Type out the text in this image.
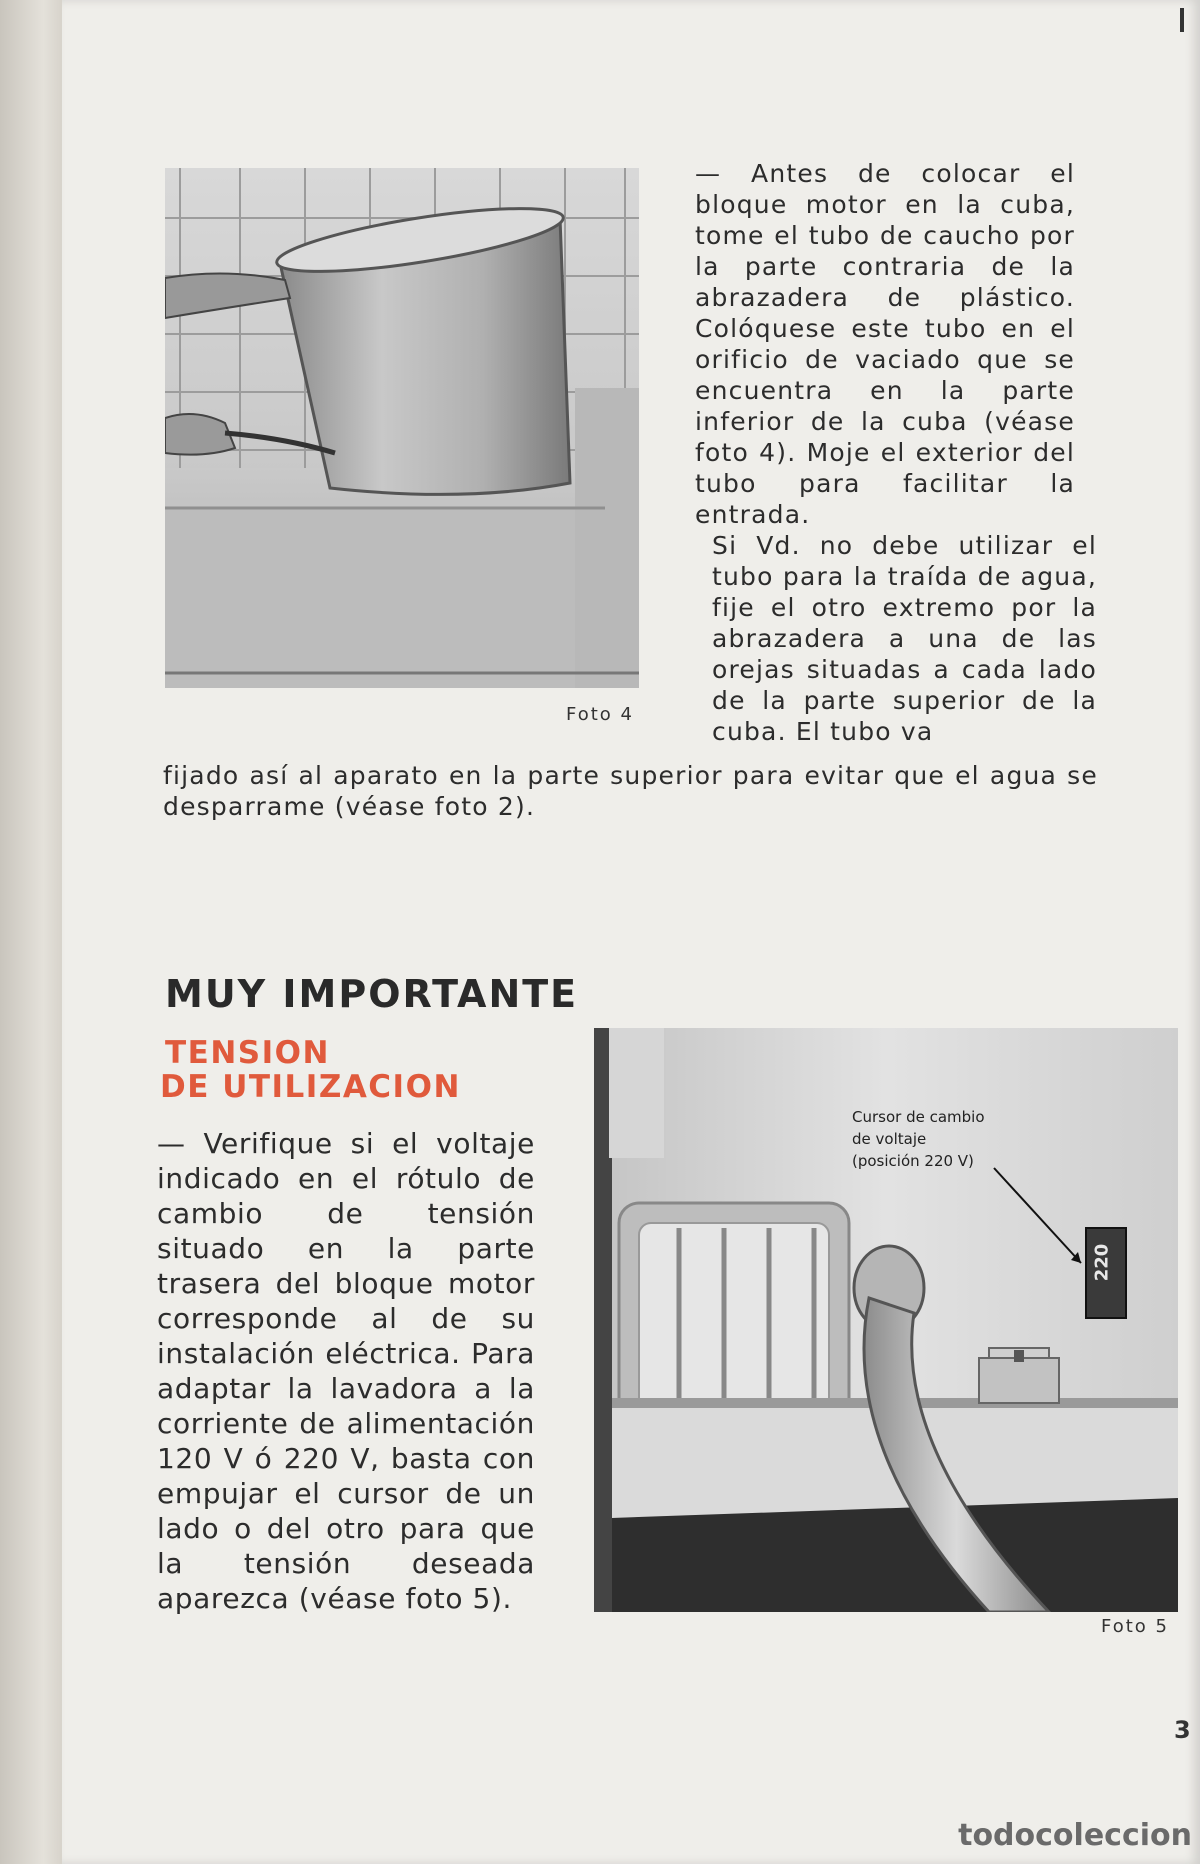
Foto 4

— Antes de colocar el bloque motor en la cuba, tome el tubo de caucho por la parte contraria de la abrazadera de plástico. Colóquese este tubo en el orificio de vaciado que se encuentra en la parte inferior de la cuba (véase foto 4). Moje el exterior del tubo para facilitar la entrada.

Si Vd. no debe utilizar el tubo para la traída de agua, fije el otro extremo por la abrazadera a una de las orejas situadas a cada lado de la parte superior de la cuba. El tubo va

fijado así al aparato en la parte superior para evitar que el agua se desparrame (véase foto 2).

MUY IMPORTANTE
TENSION
DE UTILIZACION

— Verifique si el voltaje indicado en el rótulo de cambio de tensión situado en la parte trasera del bloque motor corresponde al de su instalación eléctrica. Para adaptar la lavadora a la corriente de alimentación 120 V ó 220 V, basta con empujar el cursor de un lado o del otro para que la tensión deseada aparezca (véase foto 5).

220
Cursor de cambio
de voltaje
(posición 220 V)
Foto 5
3
todocoleccion
